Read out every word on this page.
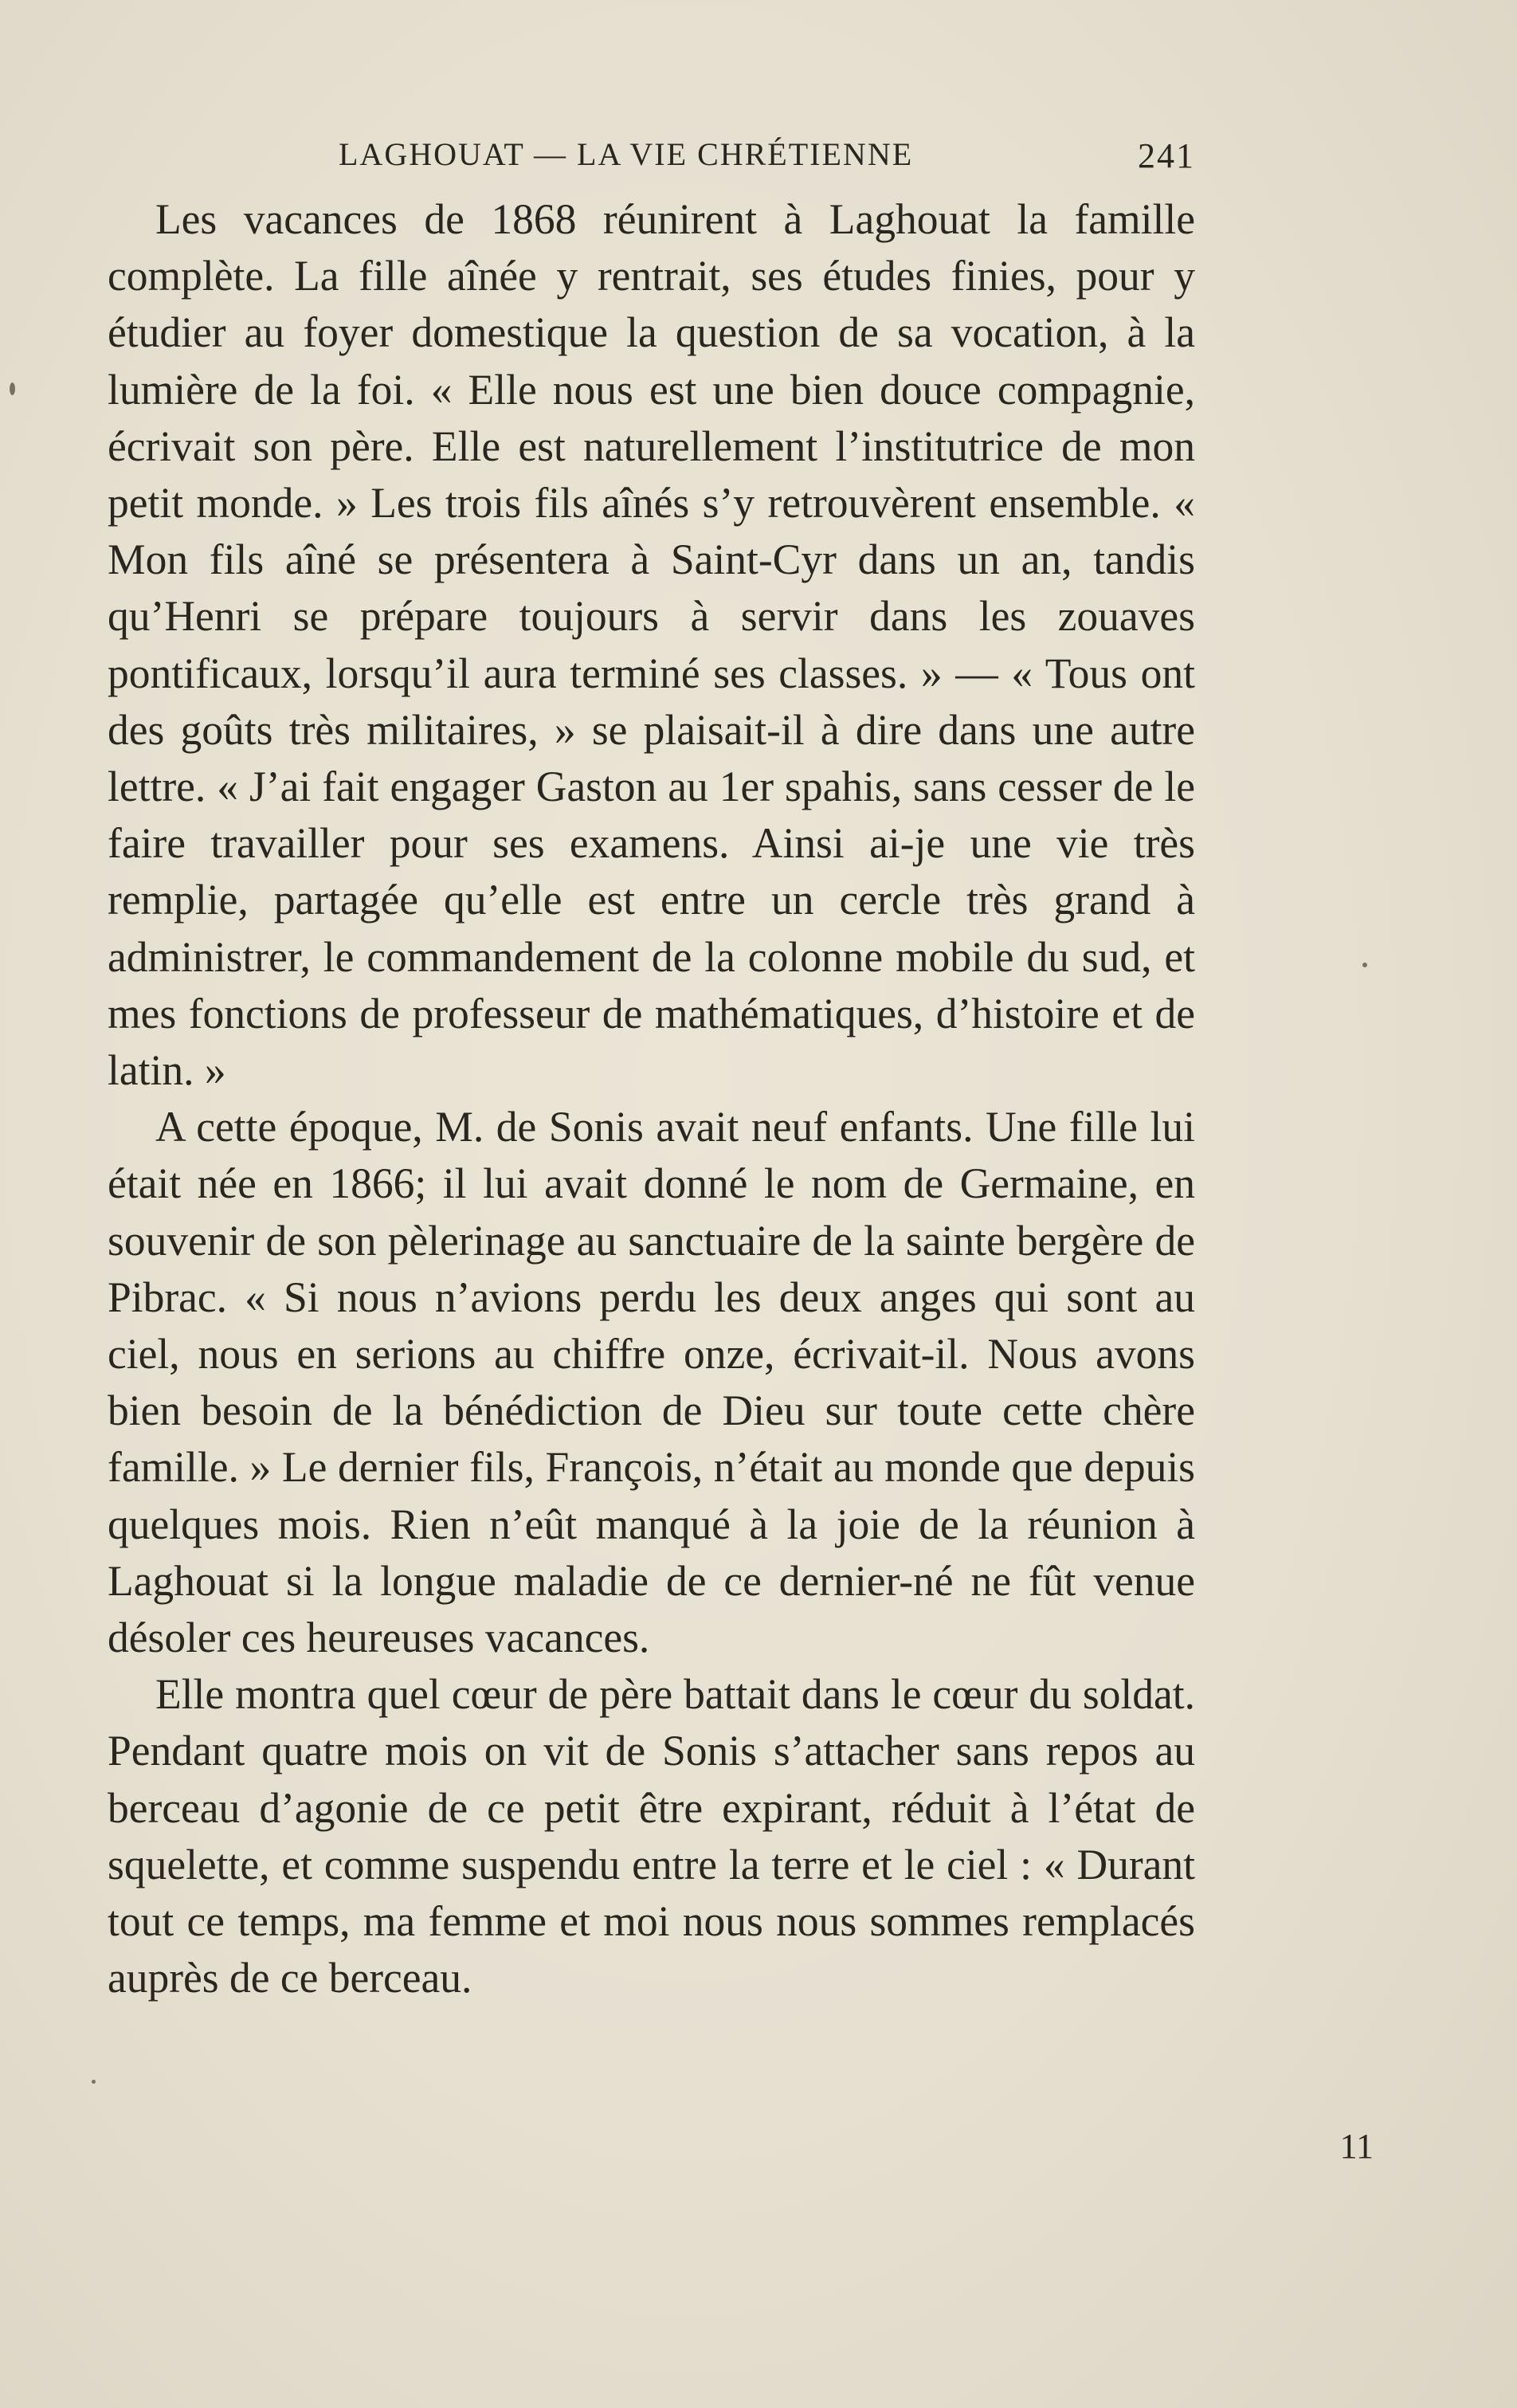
LAGHOUAT — LA VIE CHRÉTIENNE	241

Les vacances de 1868 réunirent à Laghouat la famille complète. La fille aînée y rentrait, ses études finies, pour y étudier au foyer domestique la question de sa vocation, à la lumière de la foi. « Elle nous est une bien douce compagnie, écrivait son père. Elle est naturellement l’institutrice de mon petit monde. » Les trois fils aînés s’y retrouvèrent ensemble. « Mon fils aîné se présentera à Saint-Cyr dans un an, tandis qu’Henri se prépare toujours à servir dans les zouaves pontificaux, lorsqu’il aura terminé ses classes. » — « Tous ont des goûts très militaires, » se plaisait-il à dire dans une autre lettre. « J’ai fait engager Gaston au 1er spahis, sans cesser de le faire travailler pour ses examens. Ainsi ai-je une vie très remplie, partagée qu’elle est entre un cercle très grand à administrer, le commandement de la colonne mobile du sud, et mes fonctions de professeur de mathématiques, d’histoire et de latin. »

A cette époque, M. de Sonis avait neuf enfants. Une fille lui était née en 1866; il lui avait donné le nom de Germaine, en souvenir de son pèlerinage au sanctuaire de la sainte bergère de Pibrac. « Si nous n’avions perdu les deux anges qui sont au ciel, nous en serions au chiffre onze, écrivait-il. Nous avons bien besoin de la bénédiction de Dieu sur toute cette chère famille. » Le dernier fils, François, n’était au monde que depuis quelques mois. Rien n’eût manqué à la joie de la réunion à Laghouat si la longue maladie de ce dernier-né ne fût venue désoler ces heureuses vacances.

Elle montra quel cœur de père battait dans le cœur du soldat. Pendant quatre mois on vit de Sonis s’attacher sans repos au berceau d’agonie de ce petit être expirant, réduit à l’état de squelette, et comme suspendu entre la terre et le ciel : « Durant tout ce temps, ma femme et moi nous nous sommes remplacés auprès de ce berceau.

11
